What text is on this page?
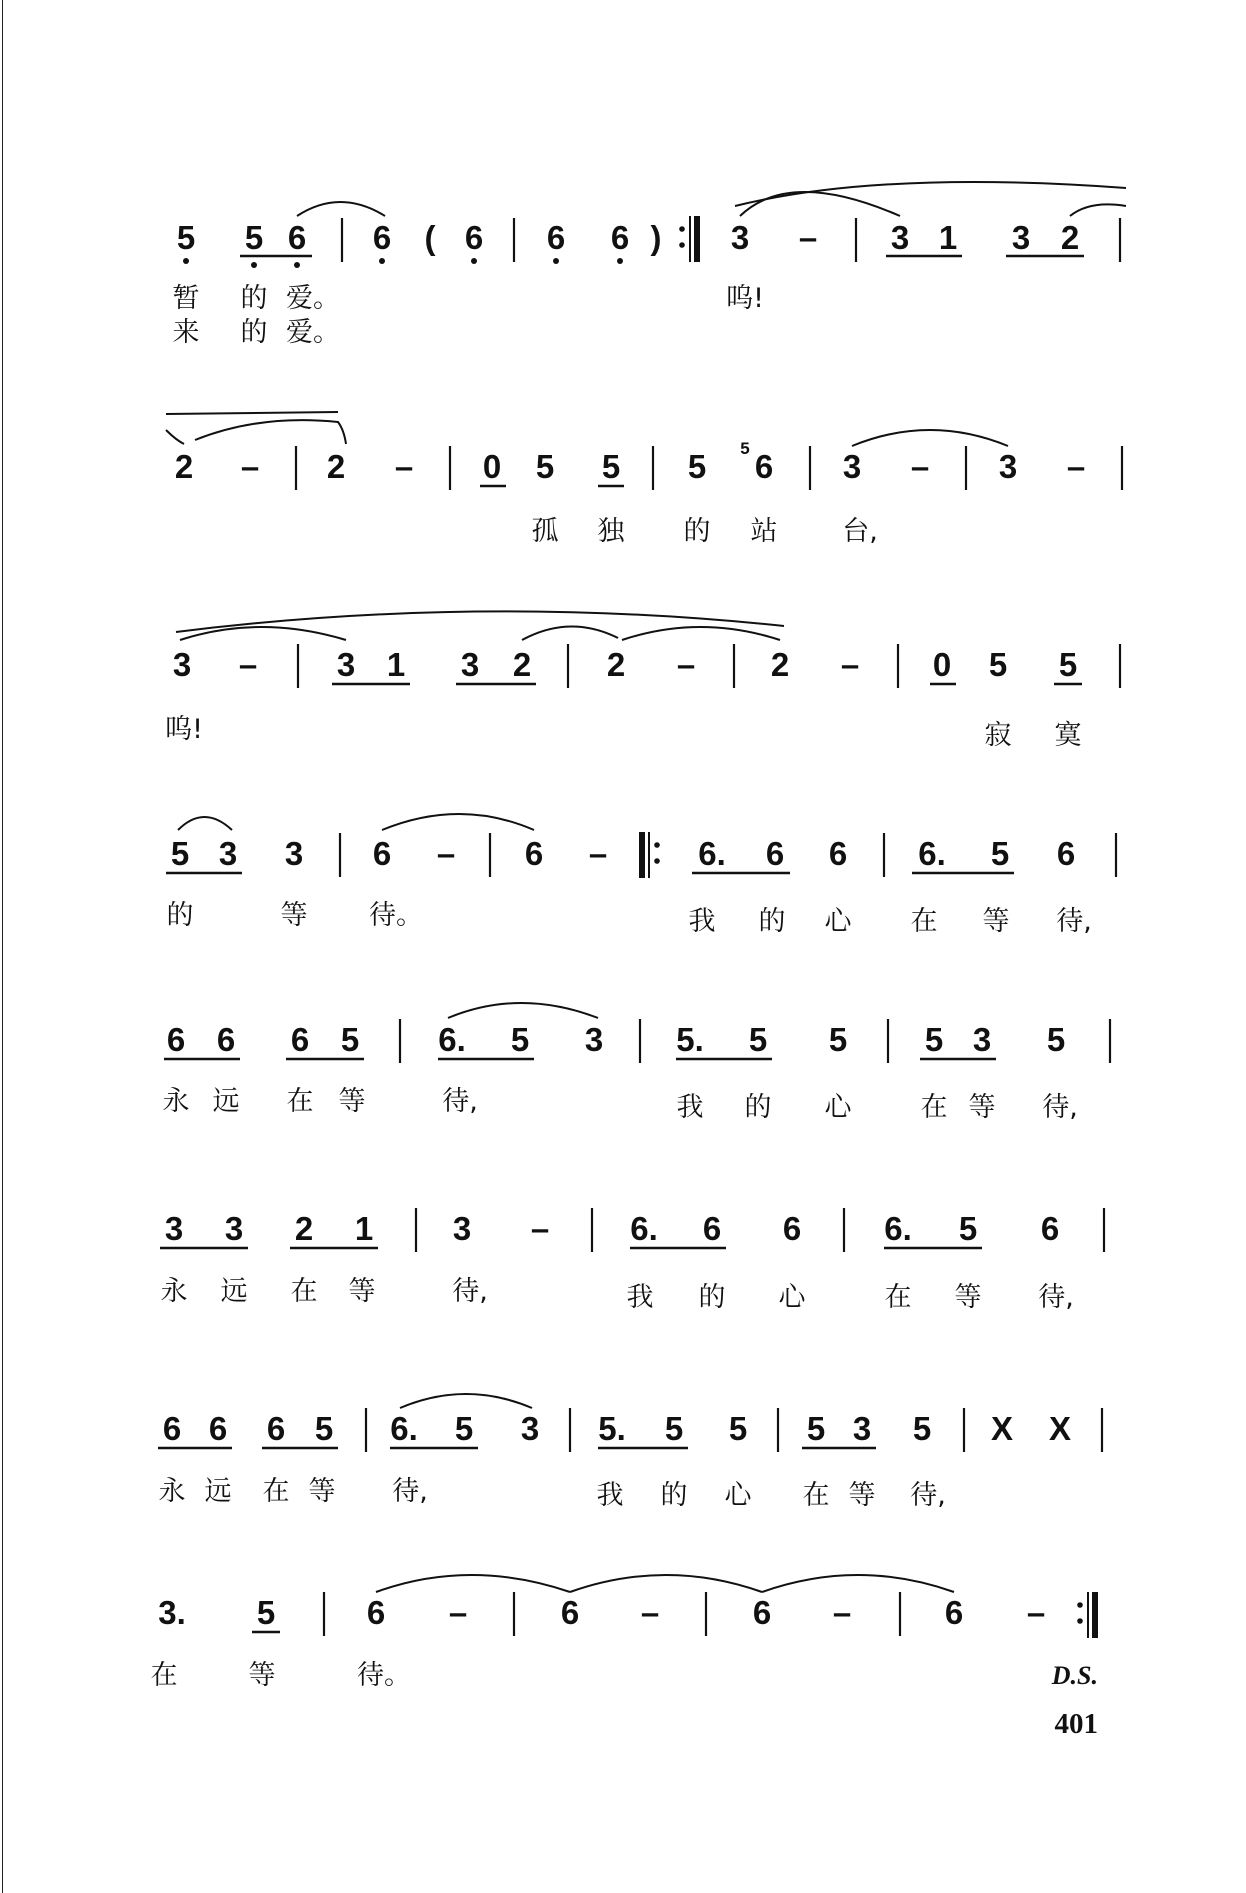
5 5 6 6 ( 6 6 6 ) 3 – 3 1 3 2
暂 的 爱。	呜!
来 的 爱。
2 – 2 – 0 5 5 5 5 6 3 – 3 –
孤 独 的 站 台,
3 – 3 1 3 2 2 – 2 – 0 5 5
呜!	寂 寞
5 3 3 6 – 6 –	6. 6 6 6. 5 6
的	等 待。	我 的 心 在 等 待,
6 6 6 5 6. 5 3 5. 5 5 5 3 5
永 远 在 等	待,	我 的 心	在 等 待,
3 3 2 1 3 – 6. 6 6	6. 5 6
永 远 在 等	待,	我 的 心	在 等 待,
6 6 6 5 6. 5 3 5. 5 5 5 3 5 X X
永 远 在 等 待,	我 的 心 在 等 待,
3. 5	6 –	6 –	6 –	6 –
在	等	待。	D.S.
401
